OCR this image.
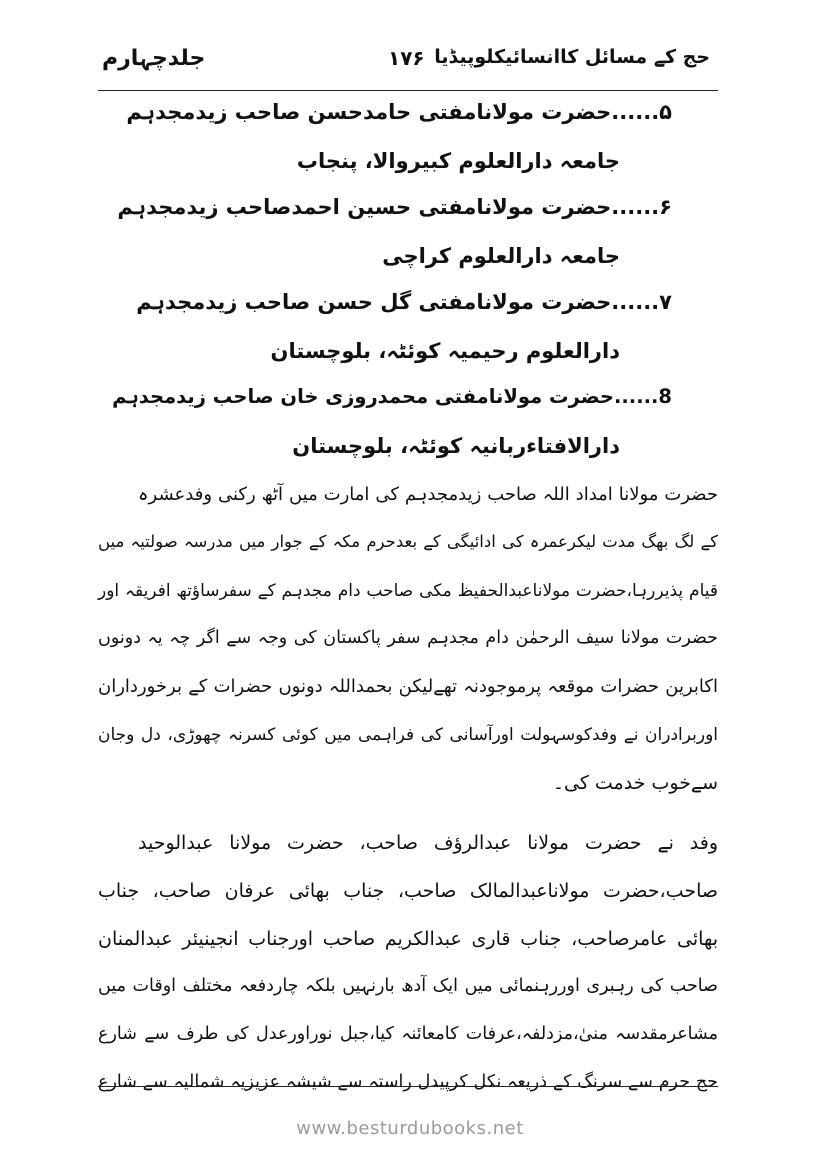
حج کے مسائل کاانسائیکلوپیڈیا
۱۷۶
جلدچہارم
۵......حضرت مولانامفتی حامدحسن صاحب زیدمجدہم
جامعہ دارالعلوم کبیروالا، پنجاب
۶......حضرت مولانامفتی حسین احمدصاحب زیدمجدہم
جامعہ دارالعلوم کراچی
۷......حضرت مولانامفتی گل حسن صاحب زیدمجدہم
دارالعلوم رحیمیہ کوئٹہ، بلوچستان
8......حضرت مولانامفتی محمدروزی خان صاحب زیدمجدہم
دارالافتاءربانیہ کوئٹہ، بلوچستان
حضرت مولانا امداد اللہ صاحب زیدمجدہم کی امارت میں آٹھ رکنی وفدعشرہ
کے لگ بھگ مدت لیکرعمرہ کی ادائیگی کے بعدحرم مکہ کے جوار میں مدرسہ صولتیہ میں
قیام پذیررہا،حضرت مولاناعبدالحفیظ مکی صاحب دام مجدہم کے سفرساؤتھ افریقہ اور
حضرت مولانا سیف الرحمٰن دام مجدہم سفر پاکستان کی وجہ سے اگر چہ یہ دونوں
اکابرین حضرات موقعہ پرموجودنہ تھےلیکن بحمداللہ دونوں حضرات کے برخورداران
اوربرادران نے وفدکوسہولت اورآسانی کی فراہمی میں کوئی کسرنہ چھوڑی، دل وجان
سےخوب خدمت کی۔
وفد نے حضرت مولانا عبدالرؤف صاحب، حضرت مولانا عبدالوحید
صاحب،حضرت مولاناعبدالمالک صاحب، جناب بھائی عرفان صاحب، جناب
بھائی عامرصاحب، جناب قاری عبدالکریم صاحب اورجناب انجینیئر عبدالمنان
صاحب کی رہبری اوررہنمائی میں ایک آدھ بارنہیں بلکہ چاردفعہ مختلف اوقات میں
مشاعرمقدسہ منیٰ،مزدلفہ،عرفات کامعائنہ کیا،جبل نوراورعدل کی طرف سے شارع
حج حرم سے سرنگ کے ذریعہ نکل کرپیدل راستہ سے شیشہ عزیزیہ شمالیہ سے شارع
www.besturdubooks.net
